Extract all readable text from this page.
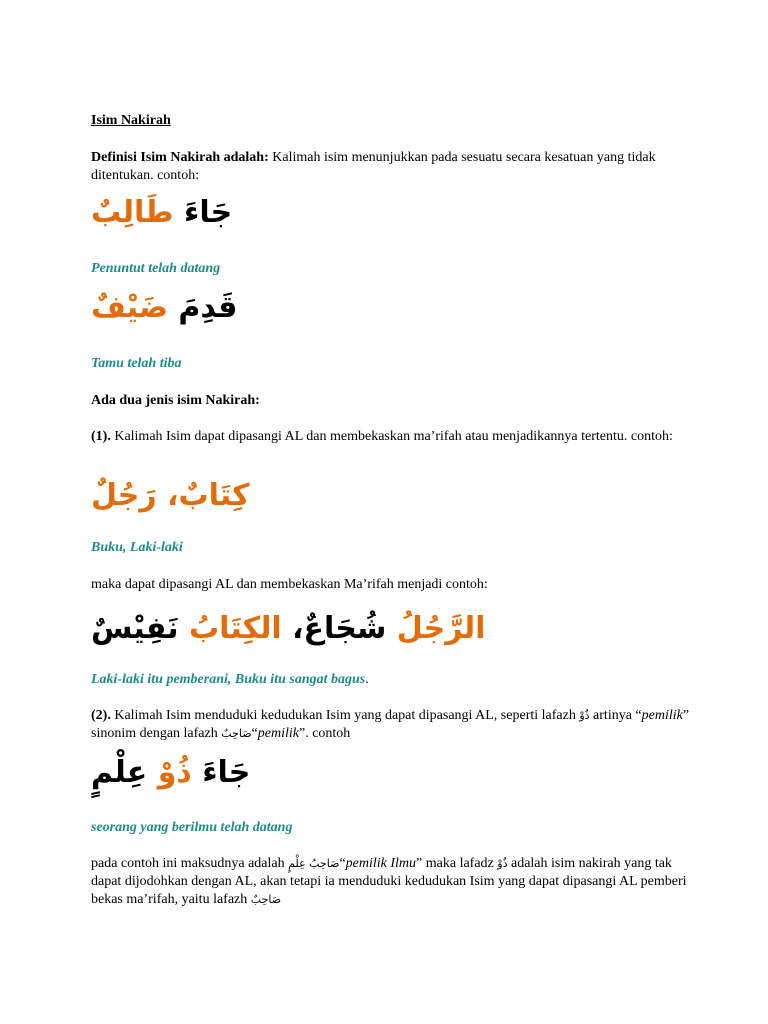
Isim Nakirah
Definisi Isim Nakirah adalah: Kalimah isim menunjukkan pada sesuatu secara kesatuan yang tidak ditentukan. contoh:
جَاءَ طَالِبٌ
Penuntut telah datang
قَدِمَ ضَيْفٌ
Tamu telah tiba
Ada dua jenis isim Nakirah:
(1). Kalimah Isim dapat dipasangi AL dan membekaskan ma’rifah atau menjadikannya tertentu. contoh:
كِتَابٌ، رَجُلٌ
Buku, Laki-laki
maka dapat dipasangi AL dan membekaskan Ma’rifah menjadi contoh:
الرَّجُلُ شُجَاعٌ، الكِتَابُ نَفِيْسٌ
Laki-laki itu pemberani, Buku itu sangat bagus.
(2). Kalimah Isim menduduki kedudukan Isim yang dapat dipasangi AL, seperti lafazh ذُوْ artinya “pemilik” sinonim dengan lafazh صَاحِبٌ“pemilik”. contoh
جَاءَ ذُوْ عِلْمٍ
seorang yang berilmu telah datang
pada contoh ini maksudnya adalah صَاحِبُ عِلْمٍ“pemilik Ilmu” maka lafadz ذُوْ adalah isim nakirah yang tak dapat dijodohkan dengan AL, akan tetapi ia menduduki kedudukan Isim yang dapat dipasangi AL pemberi bekas ma’rifah, yaitu lafazh صَاحِبٌ
